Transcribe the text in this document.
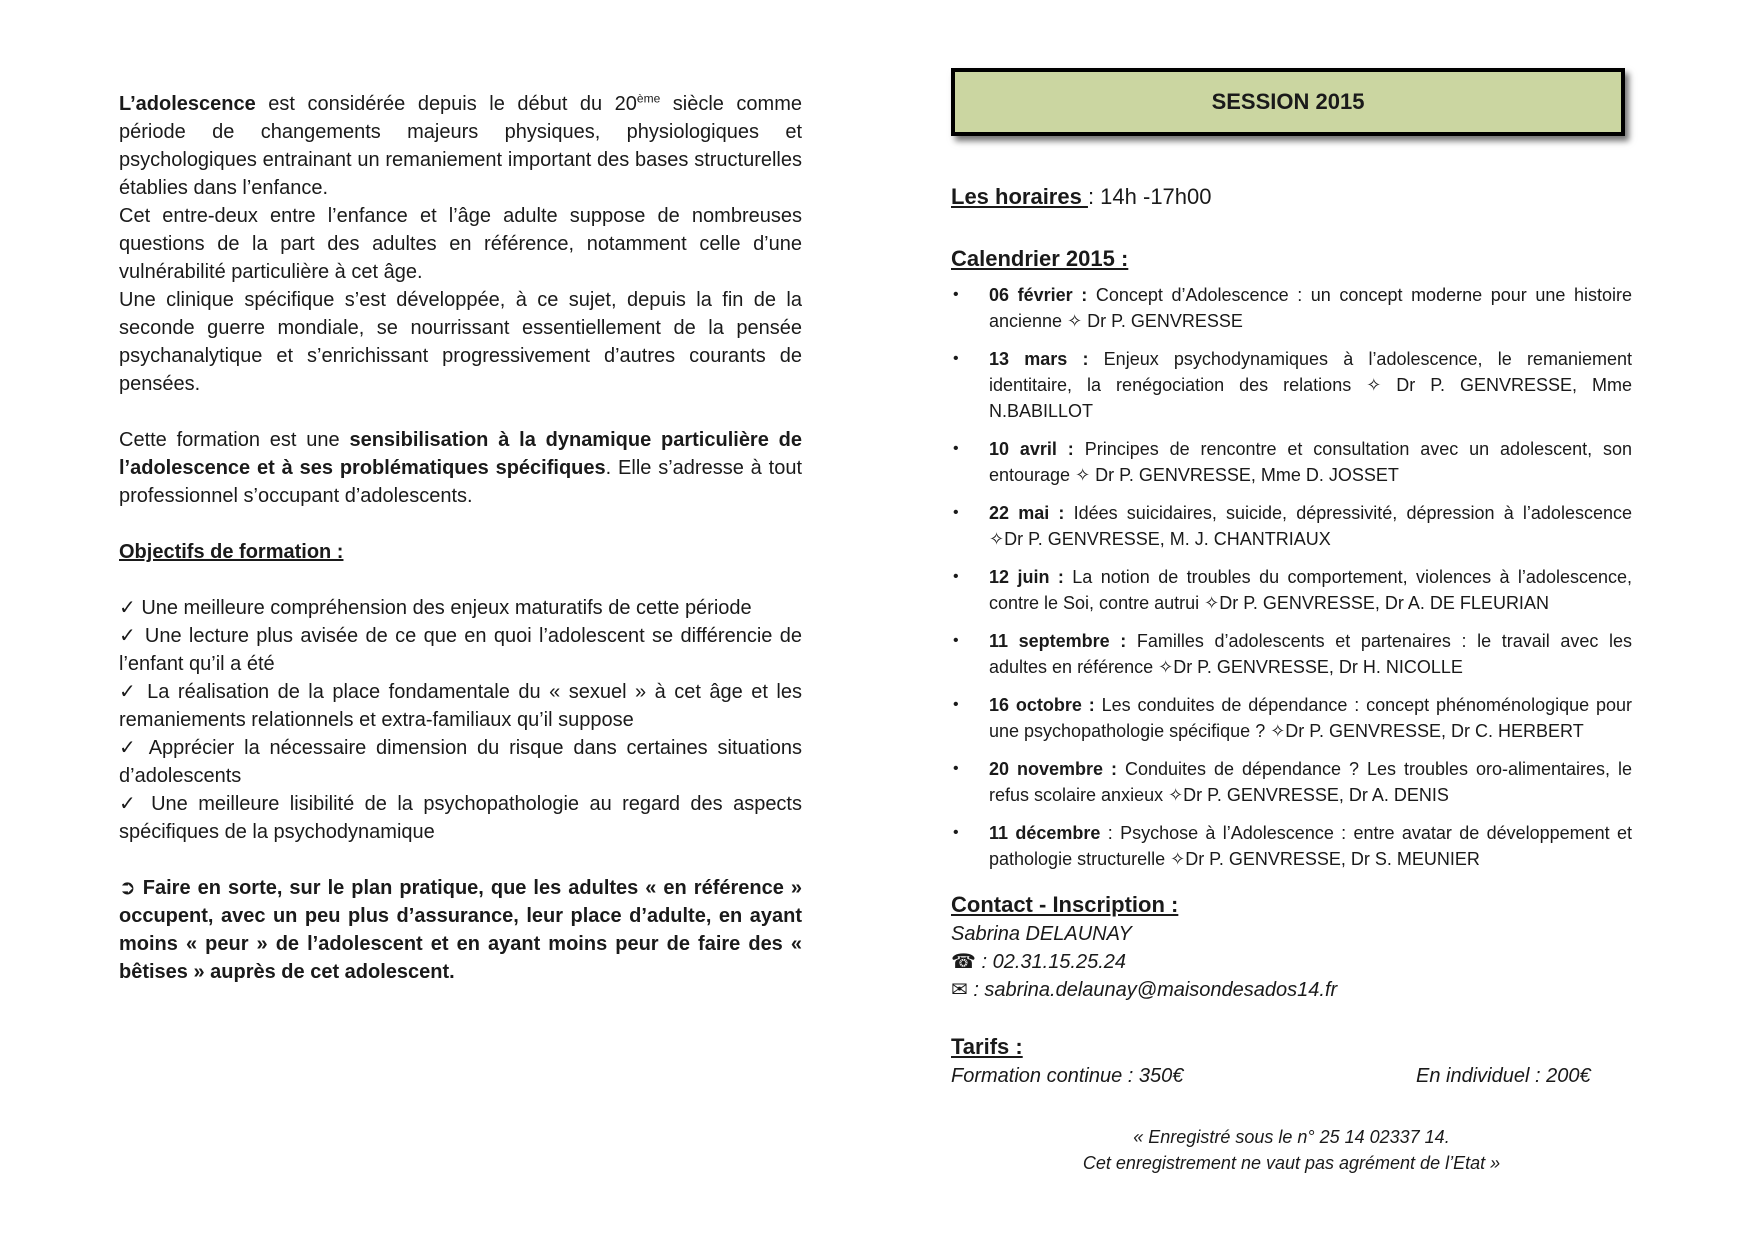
L’adolescence est considérée depuis le début du 20ème siècle comme période de changements majeurs physiques, physiologiques et psychologiques entrainant un remaniement important des bases structurelles établies dans l’enfance.

Cet entre-deux entre l’enfance et l’âge adulte suppose de nombreuses questions de la part des adultes en référence, notamment celle d’une vulnérabilité particulière à cet âge.

Une clinique spécifique s’est développée, à ce sujet, depuis la fin de la seconde guerre mondiale, se nourrissant essentiellement de la pensée psychanalytique et s’enrichissant progressivement d’autres courants de pensées.

Cette formation est une sensibilisation à la dynamique particulière de l’adolescence et à ses problématiques spécifiques. Elle s’adresse à tout professionnel s’occupant d’adolescents.

Objectifs de formation :

✓ Une meilleure compréhension des enjeux maturatifs de cette période
✓ Une lecture plus avisée de ce que en quoi l’adolescent se différencie de l’enfant qu’il a été
✓ La réalisation de la place fondamentale du « sexuel » à cet âge et les remaniements relationnels et extra-familiaux qu’il suppose
✓ Apprécier la nécessaire dimension du risque dans certaines situations d’adolescents
✓ Une meilleure lisibilité de la psychopathologie au regard des aspects spécifiques de la psychodynamique

➲ Faire en sorte, sur le plan pratique, que les adultes « en référence » occupent, avec un peu plus d’assurance, leur place d’adulte, en ayant moins « peur » de l’adolescent et en ayant moins peur de faire des « bêtises » auprès de cet adolescent.

SESSION 2015
Les horaires : 14h -17h00
Calendrier 2015 :
• 06 février : Concept d’Adolescence : un concept moderne pour une histoire ancienne ✧ Dr P. GENVRESSE
• 13 mars : Enjeux psychodynamiques à l’adolescence, le remaniement identitaire, la renégociation des relations ✧ Dr P. GENVRESSE, Mme N.BABILLOT
• 10 avril : Principes de rencontre et consultation avec un adolescent, son entourage ✧ Dr P. GENVRESSE, Mme D. JOSSET
• 22 mai : Idées suicidaires, suicide, dépressivité, dépression à l’adolescence ✧Dr P. GENVRESSE, M. J. CHANTRIAUX
• 12 juin : La notion de troubles du comportement, violences à l’adolescence, contre le Soi, contre autrui ✧Dr P. GENVRESSE, Dr A. DE FLEURIAN
• 11 septembre : Familles d’adolescents et partenaires : le travail avec les adultes en référence ✧Dr P. GENVRESSE, Dr H. NICOLLE
• 16 octobre : Les conduites de dépendance : concept phénoménologique pour une psychopathologie spécifique ? ✧Dr P. GENVRESSE, Dr C. HERBERT
• 20 novembre : Conduites de dépendance ? Les troubles oro-alimentaires, le refus scolaire anxieux ✧Dr P. GENVRESSE, Dr A. DENIS
• 11 décembre : Psychose à l’Adolescence : entre avatar de développement et pathologie structurelle ✧Dr P. GENVRESSE, Dr S. MEUNIER
Contact - Inscription :
Sabrina DELAUNAY
☎ : 02.31.15.25.24
✉ : sabrina.delaunay@maisondesados14.fr
Tarifs :
Formation continue : 350€	En individuel : 200€
« Enregistré sous le n° 25 14 02337 14.
Cet enregistrement ne vaut pas agrément de l’Etat »
